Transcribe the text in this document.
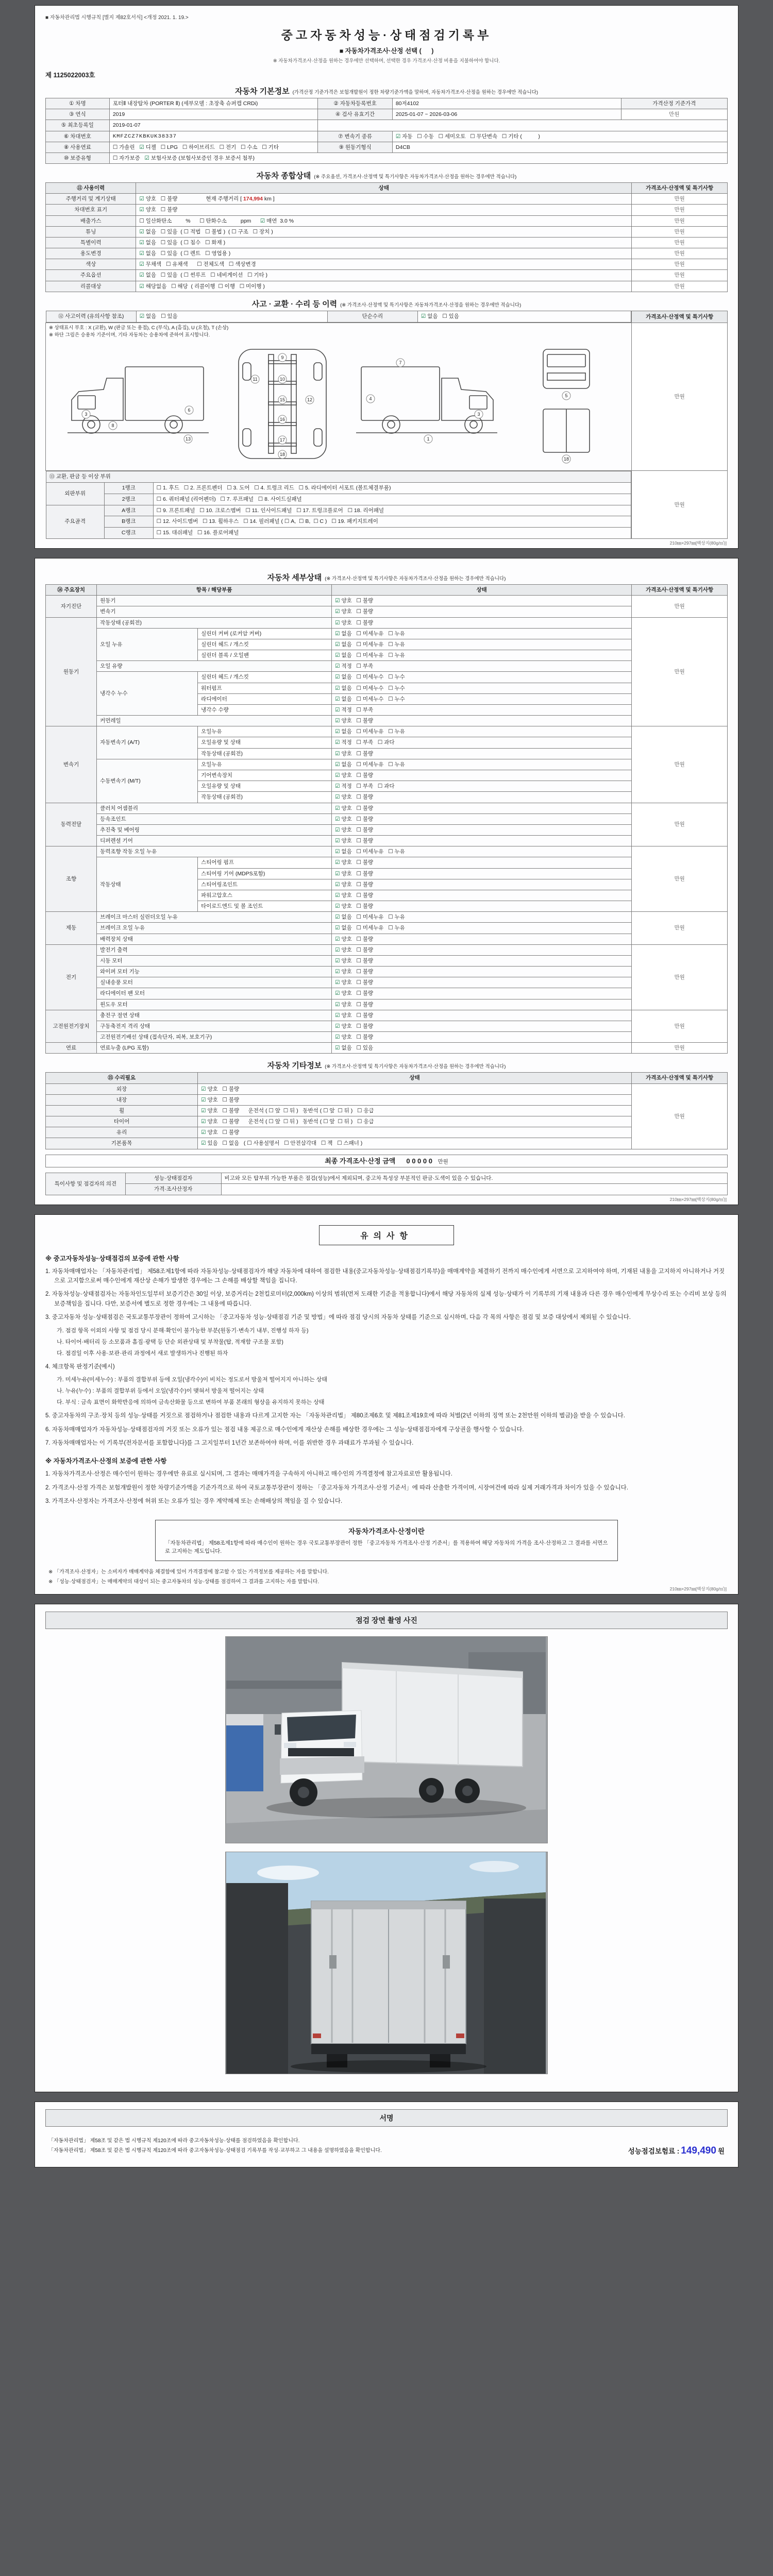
■ 자동차관리법 시행규칙 [별지 제82호서식] <개정 2021. 1. 19.>
중고자동차성능·상태점검기록부
■ 자동차가격조사·산정 선택 ( 　 )
※ 자동차가격조사·산정을 원하는 경우에만 선택하며, 선택한 경우 가격조사·산정 비용을 지불하여야 합니다.
제 1125022003호
자동차 기본정보 (가격산정 기준가격은 보험개발원이 정한 차량기준가액을 말하며, 자동차가격조사·산정을 원하는 경우에만 적습니다)
① 차명	포터Ⅱ 내장탑차 (PORTER Ⅱ) (세부모델 : 초장축 슈퍼캡 CRDi)	② 자동차등록번호	80저4102	가격산정 기준가격
③ 연식	2019	④ 검사 유효기간	2025-01-07 ~ 2026-03-06	만원
⑤ 최초등록일	2019-01-07			
⑥ 차대번호	KMFZCZ7KBKUK38337	⑦ 변속기 종류	☑ 자동   ☐ 수동   ☐ 세미오토   ☐ 무단변속   ☐ 기타 (　　　)	
⑧ 사용연료	☐ 가솔린   ☑ 디젤   ☐ LPG   ☐ 하이브리드   ☐ 전기   ☐ 수소   ☐ 기타	⑨ 원동기형식	D4CB	
⑩ 보증유형	☐ 자가보증   ☑ 보험사보증 (보험사보증인 경우 보증서 첨부)			
자동차 종합상태 (※ 주요옵션, 가격조사·산정액 및 특기사항은 자동차가격조사·산정을 원하는 경우에만 적습니다)
⑪ 사용이력	상태	가격조사·산정액 및 특기사항
주행거리 및 계기상태	☑ 양호   ☐ 불량 현재 주행거리 [ 174,994 km ]	만원
차대번호 표기	☑ 양호   ☐ 불량	만원
배출가스	☐ 일산화탄소 　　 %      ☐ 탄화수소 　　 ppm      ☑ 매연  3.0 %	만원
튜닝	☑ 없음   ☐ 있음  ( ☐ 적법   ☐ 불법 )  ( ☐ 구조   ☐ 장치 )	만원
특별이력	☑ 없음   ☐ 있음  ( ☐ 침수   ☐ 화재 )	만원
용도변경	☑ 없음   ☐ 있음  ( ☐ 렌트   ☐ 영업용 )	만원
색상	☑ 무채색   ☐ 유채색      ☐ 전체도색   ☐ 색상변경	만원
주요옵션	☑ 없음   ☐ 있음  ( ☐ 썬루프   ☐ 네비게이션   ☐ 기타 )	만원
리콜대상	☑ 해당없음   ☐ 해당  ( 리콜이행  ☐ 이행   ☐ 미이행 )	만원
사고 · 교환 · 수리 등 이력 (※ 가격조사·산정액 및 특기사항은 자동차가격조사·산정을 원하는 경우에만 적습니다)
⑫ 사고이력 (유의사항 참조)	☑ 없음   ☐ 있음	단순수리	☑ 없음   ☐ 있음
		가격조사·산정액 및 특기사항

※ 상태표시 부호 : X (교환), W (판금 또는 용접), C (부식), A (흠집), U (요철), T (손상)
※ 하단 그림은 승용차 기준이며, 기타 자동차는 승용차에 준하여 표시합니다.
3
8
6
13
9
10
11
12
15
16
17
18
3
7
4
1
5
18
	만원

⑬ 교환, 판금 등 이상 부위
외판부위	1랭크	☐ 1. 후드   ☐ 2. 프론트펜더   ☐ 3. 도어   ☐ 4. 트렁크 리드   ☐ 5. 라디에이터 서포트 (볼트체결부품)
2랭크	☐ 6. 쿼터패널 (리어펜더)   ☐ 7. 루프패널   ☐ 8. 사이드실패널
주요골격	A랭크	☐ 9. 프론트패널   ☐ 10. 크로스멤버   ☐ 11. 인사이드패널   ☐ 17. 트렁크플로어   ☐ 18. 리어패널
B랭크	☐ 12. 사이드멤버   ☐ 13. 휠하우스   ☐ 14. 필러패널 ( ☐ A,  ☐ B,  ☐ C )   ☐ 19. 패키지트레이
C랭크	☐ 15. 대쉬패널   ☐ 16. 플로어패널
	만원
210㎜×297㎜[백상지(80g/㎡)]
자동차 세부상태 (※ 가격조사·산정액 및 특기사항은 자동차가격조사·산정을 원하는 경우에만 적습니다)
⑭ 주요장치	항목 / 해당부품		상태	가격조사·산정액 및 특기사항
자기진단	원동기		☑ 양호   ☐ 불량	만원
	변속기		☑ 양호   ☐ 불량	
원동기	작동상태 (공회전)		☑ 양호   ☐ 불량	만원
	오일 누유	실린더 커버 (로커암 커버)	☑ 없음   ☐ 미세누유   ☐ 누유	
		실린더 헤드 / 개스킷	☑ 없음   ☐ 미세누유   ☐ 누유	
		실린더 블록 / 오일팬	☑ 없음   ☐ 미세누유   ☐ 누유	
	오일 유량		☑ 적정   ☐ 부족	
	냉각수 누수	실린더 헤드 / 개스킷	☑ 없음   ☐ 미세누수   ☐ 누수	
		워터펌프	☑ 없음   ☐ 미세누수   ☐ 누수	
		라디에이터	☑ 없음   ☐ 미세누수   ☐ 누수	
		냉각수 수량	☑ 적정   ☐ 부족	
	커먼레일		☑ 양호   ☐ 불량	
변속기	자동변속기 (A/T)	오일누유	☑ 없음   ☐ 미세누유   ☐ 누유	만원
		오일유량 및 상태	☑ 적정   ☐ 부족   ☐ 과다	
		작동상태 (공회전)	☑ 양호   ☐ 불량	
	수동변속기 (M/T)	오일누유	☑ 없음   ☐ 미세누유   ☐ 누유	
		기어변속장치	☑ 양호   ☐ 불량	
		오일유량 및 상태	☑ 적정   ☐ 부족   ☐ 과다	
		작동상태 (공회전)	☑ 양호   ☐ 불량	
동력전달	클러치 어셈블리		☑ 양호   ☐ 불량	만원
	등속조인트		☑ 양호   ☐ 불량	
	추진축 및 베어링		☑ 양호   ☐ 불량	
	디퍼렌셜 기어		☑ 양호   ☐ 불량	
조향	동력조향 작동 오일 누유		☑ 없음   ☐ 미세누유   ☐ 누유	만원
	작동상태	스티어링 펌프	☑ 양호   ☐ 불량	
		스티어링 기어 (MDPS포함)	☑ 양호   ☐ 불량	
		스티어링조인트	☑ 양호   ☐ 불량	
		파워고압호스	☑ 양호   ☐ 불량	
		타이로드엔드 및 볼 조인트	☑ 양호   ☐ 불량	
제동	브레이크 마스터 실린더오일 누유		☑ 없음   ☐ 미세누유   ☐ 누유	만원
	브레이크 오일 누유		☑ 없음   ☐ 미세누유   ☐ 누유	
	배력장치 상태		☑ 양호   ☐ 불량	
전기	발전기 출력		☑ 양호   ☐ 불량	만원
	시동 모터		☑ 양호   ☐ 불량	
	와이퍼 모터 기능		☑ 양호   ☐ 불량	
	실내송풍 모터		☑ 양호   ☐ 불량	
	라디에이터 팬 모터		☑ 양호   ☐ 불량	
	윈도우 모터		☑ 양호   ☐ 불량	
고전원전기장치	충전구 절연 상태		☑ 양호   ☐ 불량	만원
	구동축전지 격리 상태		☑ 양호   ☐ 불량	
	고전원전기배선 상태 (접속단자, 피복, 보호기구)		☑ 양호   ☐ 불량	
연료	연료누출 (LPG 포함)		☑ 없음   ☐ 있음	만원
자동차 기타정보 (※ 가격조사·산정액 및 특기사항은 자동차가격조사·산정을 원하는 경우에만 적습니다)
⑮ 수리필요	상태	가격조사·산정액 및 특기사항
외장	☑ 양호   ☐ 불량	만원
내장	☑ 양호   ☐ 불량	
휠	☑ 양호   ☐ 불량      운전석 ( ☐ 앞  ☐ 뒤 )   동반석 ( ☐ 앞  ☐ 뒤 )   ☐ 응급	
타이어	☑ 양호   ☐ 불량      운전석 ( ☐ 앞  ☐ 뒤 )   동반석 ( ☐ 앞  ☐ 뒤 )   ☐ 응급	
유리	☑ 양호   ☐ 불량	
기본품목	☑ 있음   ☐ 없음   ( ☐ 사용설명서   ☐ 안전삼각대   ☐ 잭   ☐ 스패너 )	
최종 가격조사·산정 금액　　 0 0 0 0 0　 만원
특이사항 및 점검자의 의견	성능·상태점검자	비고와 모든 탑부위 가능한 부품은 점검(성능)에서 제외되며, 중고차 특성상 부분적인 판금·도색이 있을 수 있습니다.
	가격·조사산정자	
210㎜×297㎜[백상지(80g/㎡)]
유의사항
※ 중고자동차성능·상태점검의 보증에 관한 사항

1. 자동차매매업자는 「자동차관리법」 제58조제1항에 따라 자동차성능·상태점검자가 해당 자동차에 대하여 점검한 내용(중고자동차성능·상태점검기록부)을 매매계약을 체결하기 전까지 매수인에게 서면으로 고지하여야 하며, 기재된 내용을 고지하지 아니하거나 거짓으로 고지함으로써 매수인에게 재산상 손해가 발생한 경우에는 그 손해를 배상할 책임을 집니다.

2. 자동차성능·상태점검자는 자동차인도일부터 보증기간은 30일 이상, 보증거리는 2천킬로미터(2,000km) 이상의 범위(먼저 도래한 기준을 적용합니다)에서 해당 자동차의 실제 성능·상태가 이 기록부의 기재 내용과 다른 경우 매수인에게 무상수리 또는 수리비 보상 등의 보증책임을 집니다. 다만, 보증서에 별도로 정한 경우에는 그 내용에 따릅니다.

3. 중고자동차 성능·상태점검은 국토교통부장관이 정하여 고시하는 「중고자동차 성능·상태점검 기준 및 방법」에 따라 점검 당시의 자동차 상태를 기준으로 실시하며, 다음 각 목의 사항은 점검 및 보증 대상에서 제외될 수 있습니다.

가. 점검 항목 이외의 사항 및 점검 당시 분해·확인이 불가능한 부분(원동기·변속기 내부, 진행성 하자 등)

나. 타이어·배터리 등 소모품과 흠집·광택 등 단순 외관상태 및 부착물(탑, 적재함 구조물 포함)

다. 점검일 이후 사용·보관·관리 과정에서 새로 발생하거나 진행된 하자

4. 체크항목 판정기준(예시)

가. 미세누유(미세누수) : 부품의 결합부위 등에 오일(냉각수)이 비치는 정도로서 방울져 떨어지지 아니하는 상태

나. 누유(누수) : 부품의 결합부위 등에서 오일(냉각수)이 맺혀서 방울져 떨어지는 상태

다. 부식 : 금속 표면이 화학반응에 의하여 금속산화물 등으로 변하여 부품 본래의 형상을 유지하지 못하는 상태

5. 중고자동차의 구조·장치 등의 성능·상태를 거짓으로 점검하거나 점검한 내용과 다르게 고지한 자는 「자동차관리법」 제80조제6호 및 제81조제19호에 따라 처벌(2년 이하의 징역 또는 2천만원 이하의 벌금)을 받을 수 있습니다.

6. 자동차매매업자가 자동차성능·상태점검자의 거짓 또는 오류가 있는 점검 내용 제공으로 매수인에게 재산상 손해를 배상한 경우에는 그 성능·상태점검자에게 구상권을 행사할 수 있습니다.

7. 자동차매매업자는 이 기록부(전자문서를 포함합니다)를 그 고지일부터 1년간 보존하여야 하며, 이를 위반한 경우 과태료가 부과될 수 있습니다.

※ 자동차가격조사·산정의 보증에 관한 사항

1. 자동차가격조사·산정은 매수인이 원하는 경우에만 유료로 실시되며, 그 결과는 매매가격을 구속하지 아니하고 매수인의 가격결정에 참고자료로만 활용됩니다.

2. 가격조사·산정 가격은 보험개발원이 정한 차량기준가액을 기준가격으로 하여 국토교통부장관이 정하는 「중고자동차 가격조사·산정 기준서」에 따라 산출한 가격이며, 시장여건에 따라 실제 거래가격과 차이가 있을 수 있습니다.

3. 가격조사·산정자는 가격조사·산정에 허위 또는 오류가 있는 경우 계약해제 또는 손해배상의 책임을 질 수 있습니다.

자동차가격조사·산정이란
「자동차관리법」 제58조제1항에 따라 매수인이 원하는 경우 국토교통부장관이 정한 「중고자동차 가격조사·산정 기준서」를 적용하여 해당 자동차의 가격을 조사·산정하고 그 결과를 서면으로 고지하는 제도입니다.

※ 「가격조사·산정자」는 소비자가 매매계약을 체결함에 있어 가격결정에 참고할 수 있는 가격정보를 제공하는 자를 말합니다.

※ 「성능·상태점검자」는 매매계약의 대상이 되는 중고자동차의 성능·상태를 점검하여 그 결과를 고지하는 자를 말합니다.

210㎜×297㎜[백상지(80g/㎡)]
점검 장면 촬영 사진
서명

「자동차관리법」 제58조 및 같은 법 시행규칙 제120조에 따라 중고자동차성능·상태를 점검하였음을 확인합니다.

「자동차관리법」 제58조 및 같은 법 시행규칙 제120조에 따라 중고자동차성능·상태점검 기록부를 작성·교부하고 그 내용을 설명하였음을 확인합니다.	성능점검보험료 : 149,490 원
